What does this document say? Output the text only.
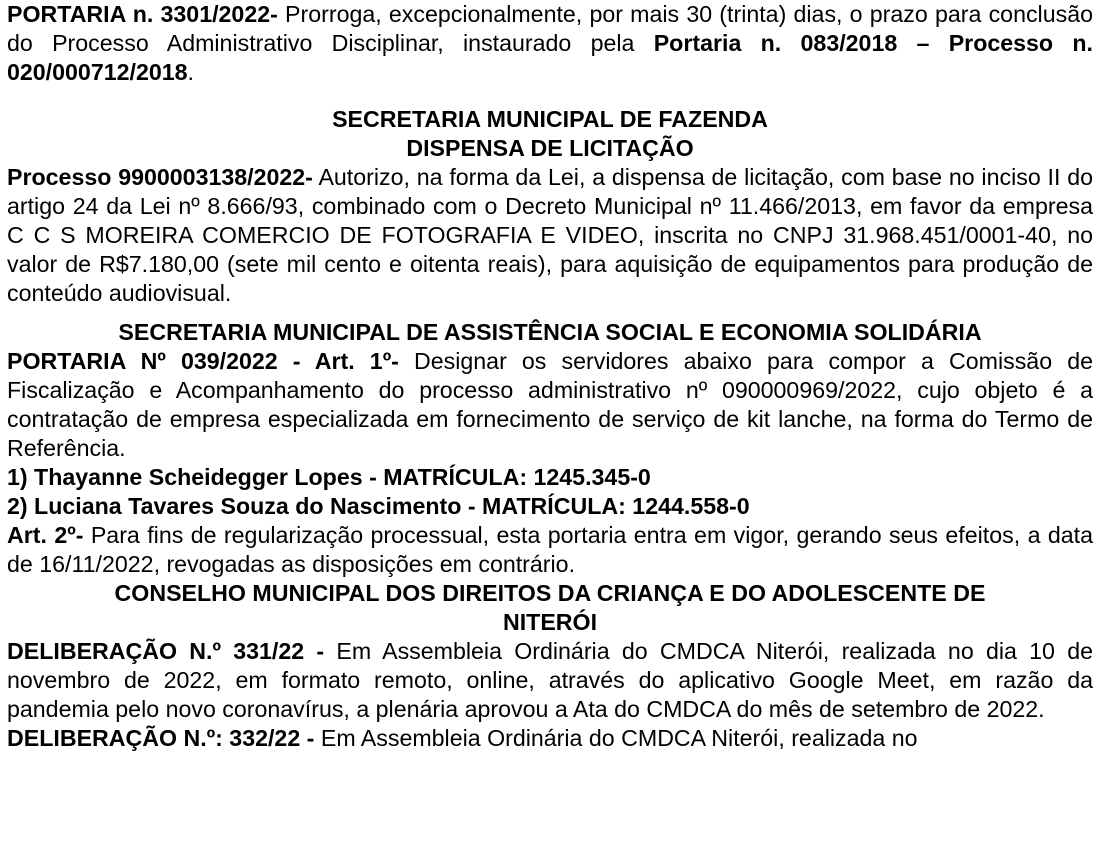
PORTARIA n. 3301/2022- Prorroga, excepcionalmente, por mais 30 (trinta) dias, o prazo para conclusão do Processo Administrativo Disciplinar, instaurado pela Portaria n. 083/2018 – Processo n. 020/000712/2018.

SECRETARIA MUNICIPAL DE FAZENDA

DISPENSA DE LICITAÇÃO

Processo 9900003138/2022- Autorizo, na forma da Lei, a dispensa de licitação, com base no inciso II do artigo 24 da Lei nº 8.666/93, combinado com o Decreto Municipal nº 11.466/2013, em favor da empresa C C S MOREIRA COMERCIO DE FOTOGRAFIA E VIDEO, inscrita no CNPJ 31.968.451/0001-40, no valor de R$7.180,00 (sete mil cento e oitenta reais), para aquisição de equipamentos para produção de conteúdo audiovisual.

SECRETARIA MUNICIPAL DE ASSISTÊNCIA SOCIAL E ECONOMIA SOLIDÁRIA

PORTARIA Nº 039/2022 - Art. 1º- Designar os servidores abaixo para compor a Comissão de Fiscalização e Acompanhamento do processo administrativo nº 090000969/2022, cujo objeto é a contratação de empresa especializada em fornecimento de serviço de kit lanche, na forma do Termo de Referência.

1) Thayanne Scheidegger Lopes - MATRÍCULA: 1245.345-0

2) Luciana Tavares Souza do Nascimento - MATRÍCULA: 1244.558-0

Art. 2º- Para fins de regularização processual, esta portaria entra em vigor, gerando seus efeitos, a data de 16/11/2022, revogadas as disposições em contrário.

CONSELHO MUNICIPAL DOS DIREITOS DA CRIANÇA E DO ADOLESCENTE DE

NITERÓI

DELIBERAÇÃO N.º 331/22 - Em Assembleia Ordinária do CMDCA Niterói, realizada no dia 10 de novembro de 2022, em formato remoto, online, através do aplicativo Google Meet, em razão da pandemia pelo novo coronavírus, a plenária aprovou a Ata do CMDCA do mês de setembro de 2022.

DELIBERAÇÃO N.º: 332/22 - Em Assembleia Ordinária do CMDCA Niterói, realizada no
